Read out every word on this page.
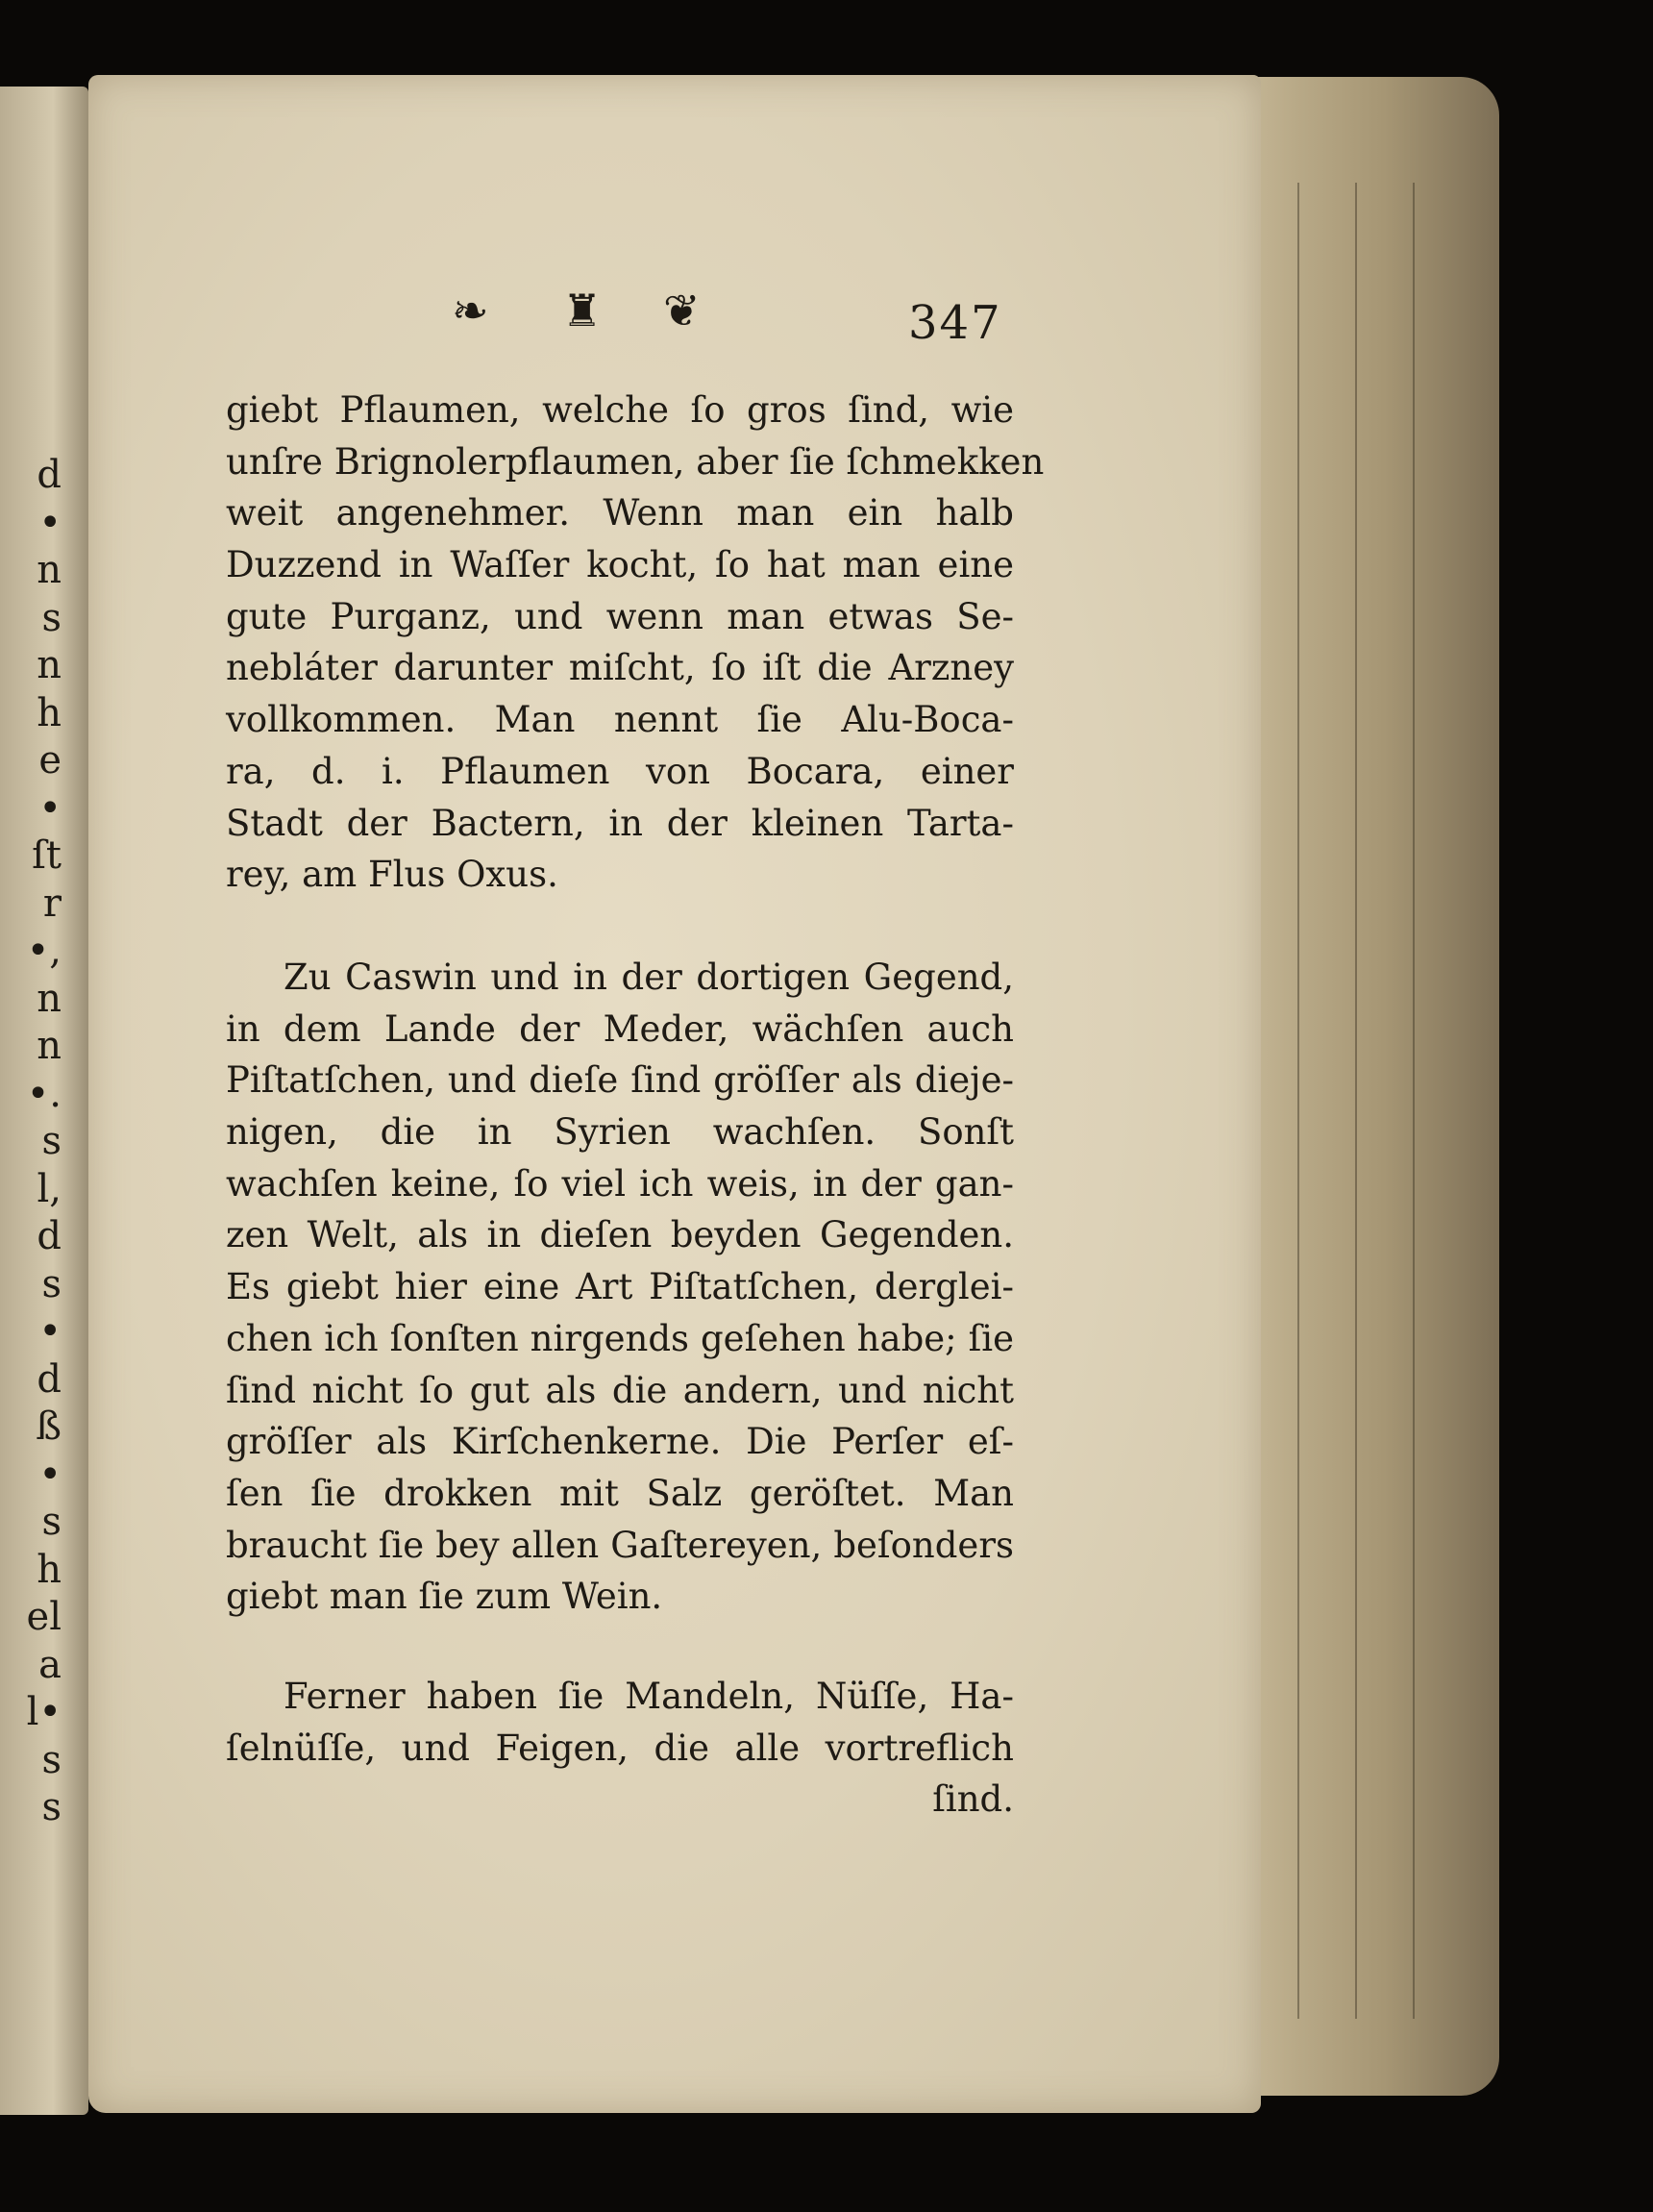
d
•
n
s
n
h
e
•
ſt
r
•,
n
n
•.
s
l,
d
s
•
d
ß
•
s
h
el
a
l•
s
s
❧ ♜ ❦	347
giebt Pflaumen, welche ſo gros ſind, wie
unſre Brignolerpflaumen, aber ſie ſchmekken
weit angenehmer. Wenn man ein halb
Duzzend in Waſſer kocht, ſo hat man eine
gute Purganz, und wenn man etwas Se-
nebláter darunter miſcht, ſo iſt die Arzney
vollkommen. Man nennt ſie Alu-Boca-
ra, d. i. Pflaumen von Bocara, einer
Stadt der Bactern, in der kleinen Tarta-
rey, am Flus Oxus.
Zu Caswin und in der dortigen Gegend,
in dem Lande der Meder, wächſen auch
Piſtatſchen, und dieſe ſind gröſſer als dieje-
nigen, die in Syrien wachſen. Sonſt
wachſen keine, ſo viel ich weis, in der gan-
zen Welt, als in dieſen beyden Gegenden.
Es giebt hier eine Art Piſtatſchen, derglei-
chen ich ſonſten nirgends geſehen habe; ſie
ſind nicht ſo gut als die andern, und nicht
gröſſer als Kirſchenkerne. Die Perſer eſ-
ſen ſie drokken mit Salz geröſtet. Man
braucht ſie bey allen Gaſtereyen, beſonders
giebt man ſie zum Wein.
Ferner haben ſie Mandeln, Nüſſe, Ha-
ſelnüſſe, und Feigen, die alle vortreflich
ſind.
